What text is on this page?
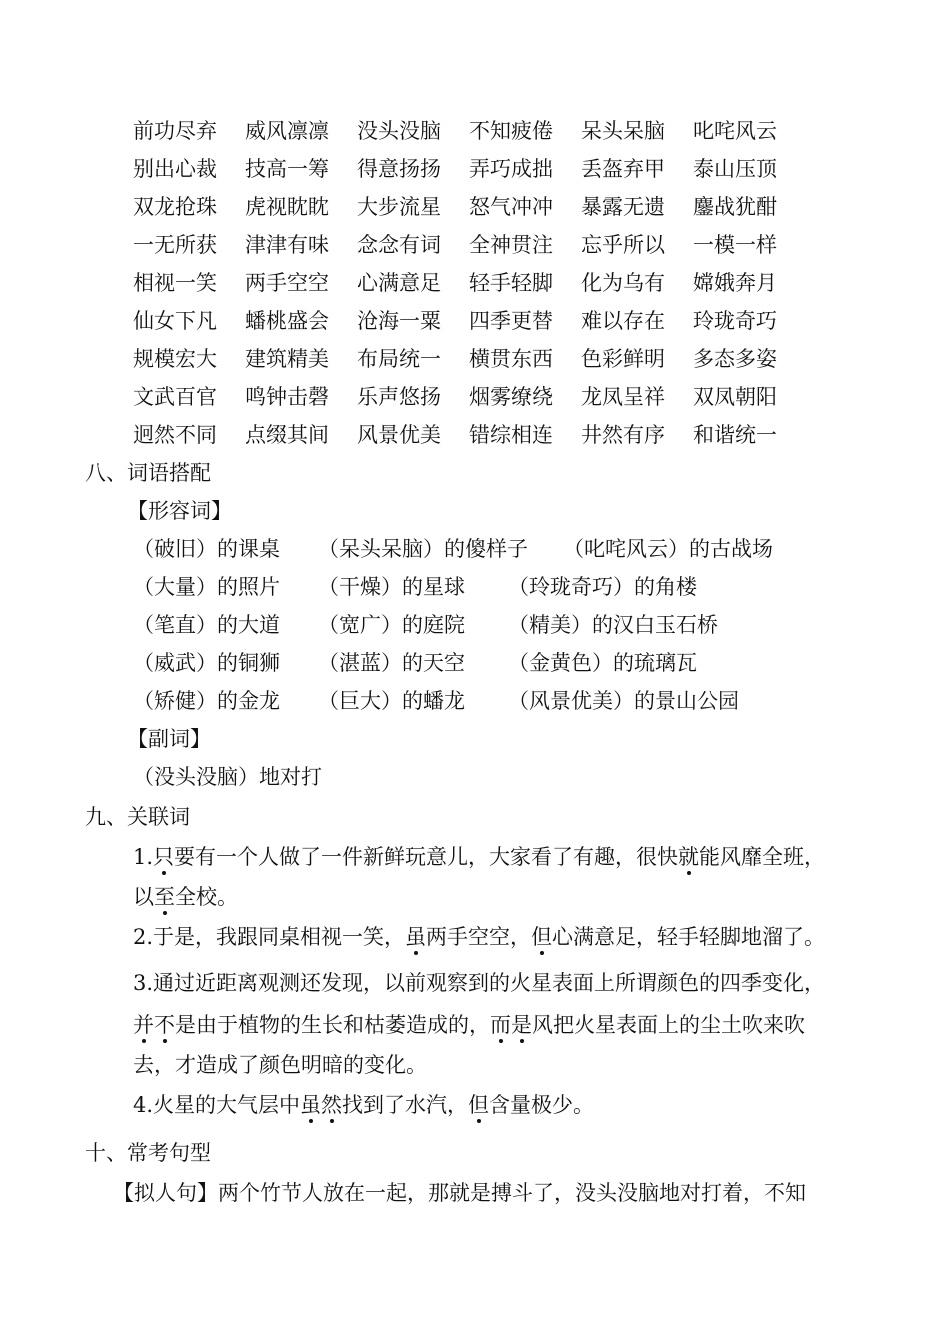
前功尽弃	威风凛凛	没头没脑	不知疲倦	呆头呆脑	叱咤风云
别出心裁	技高一筹	得意扬扬	弄巧成拙	丢盔弃甲	泰山压顶
双龙抢珠	虎视眈眈	大步流星	怒气冲冲	暴露无遗	鏖战犹酣
一无所获	津津有味	念念有词	全神贯注	忘乎所以	一模一样
相视一笑	两手空空	心满意足	轻手轻脚	化为乌有	嫦娥奔月
仙女下凡	蟠桃盛会	沧海一粟	四季更替	难以存在	玲珑奇巧
规模宏大	建筑精美	布局统一	横贯东西	色彩鲜明	多态多姿
文武百官	鸣钟击磬	乐声悠扬	烟雾缭绕	龙凤呈祥	双凤朝阳
迥然不同	点缀其间	风景优美	错综相连	井然有序	和谐统一
八、词语搭配
【形容词】
（破旧）的课桌 （呆头呆脑）的傻样子 （叱咤风云）的古战场
（大量）的照片 （干燥）的星球 （玲珑奇巧）的角楼
（笔直）的大道 （宽广）的庭院 （精美）的汉白玉石桥
（威武）的铜狮 （湛蓝）的天空 （金黄色）的琉璃瓦
（矫健）的金龙 （巨大）的蟠龙 （风景优美）的景山公园
【副词】
（没头没脑）地对打
九、关联词
1.只要有一个人做了一件新鲜玩意儿，大家看了有趣，很快就能风靡全班，
以至全校。
2.于是，我跟同桌相视一笑，虽两手空空，但心满意足，轻手轻脚地溜了。
3.通过近距离观测还发现，以前观察到的火星表面上所谓颜色的四季变化，
并不是由于植物的生长和枯萎造成的，而是风把火星表面上的尘土吹来吹
去，才造成了颜色明暗的变化。
4.火星的大气层中虽然找到了水汽，但含量极少。
十、常考句型
【拟人句】两个竹节人放在一起，那就是搏斗了，没头没脑地对打着，不知
